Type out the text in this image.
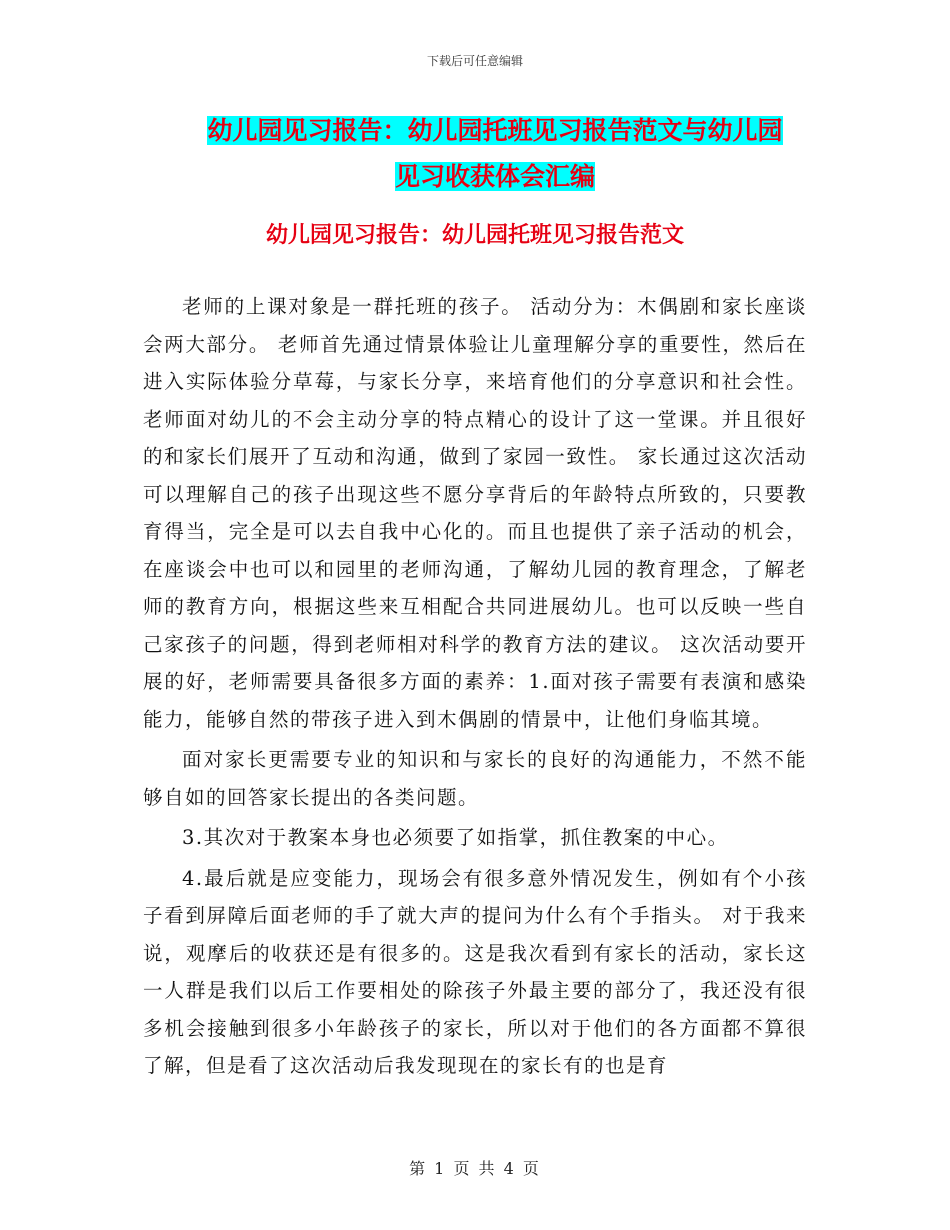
下载后可任意编辑
幼儿园见习报告：幼儿园托班见习报告范文与幼儿园
见习收获体会汇编
幼儿园见习报告：幼儿园托班见习报告范文

老师的上课对象是一群托班的孩子。 活动分为：木偶剧和家长座谈会两大部分。 老师首先通过情景体验让儿童理解分享的重要性，然后在进入实际体验分草莓，与家长分享，来培育他们的分享意识和社会性。老师面对幼儿的不会主动分享的特点精心的设计了这一堂课。并且很好的和家长们展开了互动和沟通，做到了家园一致性。 家长通过这次活动可以理解自己的孩子出现这些不愿分享背后的年龄特点所致的，只要教育得当，完全是可以去自我中心化的。而且也提供了亲子活动的机会，在座谈会中也可以和园里的老师沟通，了解幼儿园的教育理念，了解老师的教育方向，根据这些来互相配合共同进展幼儿。也可以反映一些自己家孩子的问题，得到老师相对科学的教育方法的建议。 这次活动要开展的好，老师需要具备很多方面的素养：1.面对孩子需要有表演和感染能力，能够自然的带孩子进入到木偶剧的情景中，让他们身临其境。

面对家长更需要专业的知识和与家长的良好的沟通能力，不然不能够自如的回答家长提出的各类问题。

3.其次对于教案本身也必须要了如指掌，抓住教案的中心。

4.最后就是应变能力，现场会有很多意外情况发生，例如有个小孩子看到屏障后面老师的手了就大声的提问为什么有个手指头。 对于我来说，观摩后的收获还是有很多的。这是我次看到有家长的活动，家长这一人群是我们以后工作要相处的除孩子外最主要的部分了，我还没有很多机会接触到很多小年龄孩子的家长，所以对于他们的各方面都不算很了解，但是看了这次活动后我发现现在的家长有的也是育

第 1 页 共 4 页
